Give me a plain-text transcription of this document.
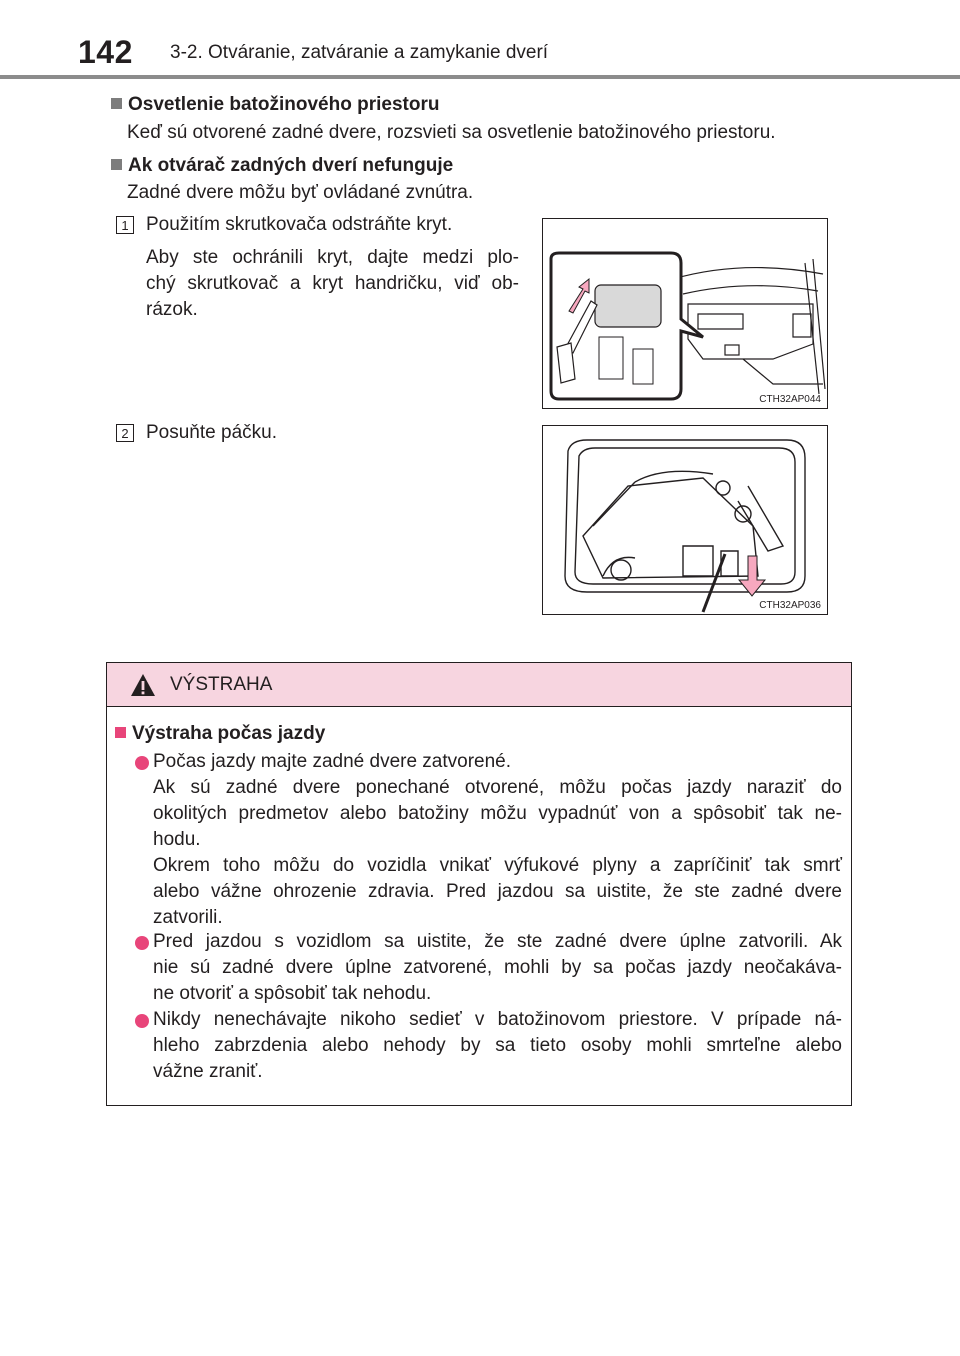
142 3-2. Otváranie, zatváranie a zamykanie dverí
Osvetlenie batožinového priestoru
Keď sú otvorené zadné dvere, rozsvieti sa osvetlenie batožinového priestoru.
Ak otvárač zadných dverí nefunguje
Zadné dvere môžu byť ovládané zvnútra.
1 Použitím skrutkovača odstráňte kryt.
Aby ste ochránili kryt, dajte medzi plo-
chý skrutkovač a kryt handričku, viď ob-
rázok.
CTH32AP044
2 Posuňte páčku.
CTH32AP036
VÝSTRAHA
Výstraha počas jazdy
Počas jazdy majte zadné dvere zatvorené.
Ak sú zadné dvere ponechané otvorené, môžu počas jazdy naraziť do
okolitých predmetov alebo batožiny môžu vypadnúť von a spôsobiť tak ne-
hodu.
Okrem toho môžu do vozidla vnikať výfukové plyny a zapríčiniť tak smrť
alebo vážne ohrozenie zdravia. Pred jazdou sa uistite, že ste zadné dvere
zatvorili.
Pred jazdou s vozidlom sa uistite, že ste zadné dvere úplne zatvorili. Ak
nie sú zadné dvere úplne zatvorené, mohli by sa počas jazdy neočakáva-
ne otvoriť a spôsobiť tak nehodu.
Nikdy nenechávajte nikoho sedieť v batožinovom priestore. V prípade ná-
hleho zabrzdenia alebo nehody by sa tieto osoby mohli smrteľne alebo
vážne zraniť.
